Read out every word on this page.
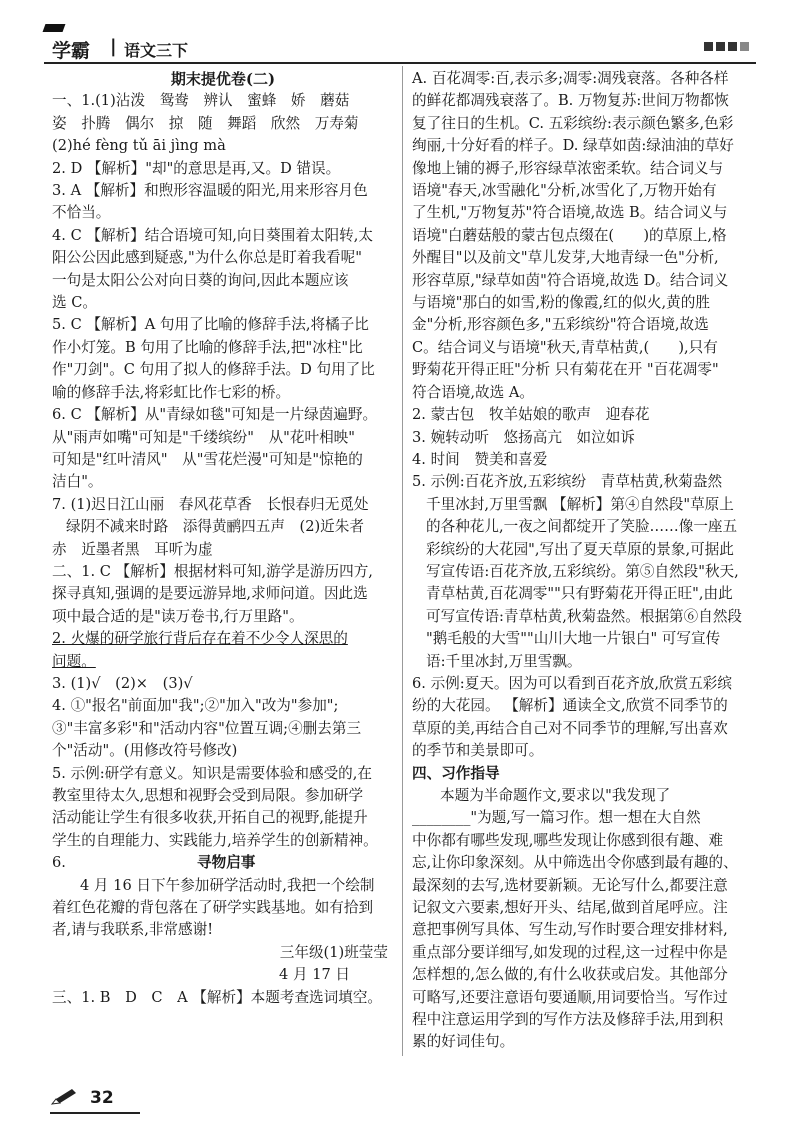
学霸 | 语文三下

期末提优卷(二)

一、1.(1)沾泼　鸳鸯　辨认　蜜蜂　娇　蘑菇

姿　扑腾　偶尔　掠　随　舞蹈　欣然　万寿菊

(2)hé fèng tǔ āi jìng mà

2. D 【解析】"却"的意思是再,又。D 错误。

3. A 【解析】和煦形容温暖的阳光,用来形容月色

不恰当。

4. C 【解析】结合语境可知,向日葵围着太阳转,太

阳公公因此感到疑惑,"为什么你总是盯着我看呢"

一句是太阳公公对向日葵的询问,因此本题应该

选 C。

5. C 【解析】A 句用了比喻的修辞手法,将橘子比

作小灯笼。B 句用了比喻的修辞手法,把"冰柱"比

作"刀剑"。C 句用了拟人的修辞手法。D 句用了比

喻的修辞手法,将彩虹比作七彩的桥。

6. C 【解析】从"青绿如毯"可知是一片绿茵遍野。

从"雨声如嘴"可知是"千缕缤纷"　从"花叶相映"

可知是"红叶清风"　从"雪花烂漫"可知是"惊艳的

洁白"。

7. (1)迟日江山丽　春风花草香　长恨春归无觅处

绿阴不减来时路　添得黄鹂四五声　(2)近朱者

赤　近墨者黑　耳听为虚

二、1. C 【解析】根据材料可知,游学是游历四方,

探寻真知,强调的是要远游异地,求师问道。因此选

项中最合适的是"读万卷书,行万里路"。

2. 火爆的研学旅行背后存在着不少令人深思的

问题。

3. (1)√　(2)×　(3)√

4. ①"报名"前面加"我";②"加入"改为"参加";

③"丰富多彩"和"活动内容"位置互调;④删去第三

个"活动"。(用修改符号修改)

5. 示例:研学有意义。知识是需要体验和感受的,在

教室里待太久,思想和视野会受到局限。参加研学

活动能让学生有很多收获,开拓自己的视野,能提升

学生的自理能力、实践能力,培养学生的创新精神。

6.	寻物启事

4 月 16 日下午参加研学活动时,我把一个绘制

着红色花瓣的背包落在了研学实践基地。如有拾到

者,请与我联系,非常感谢!

三年级(1)班莹莹

4 月 17 日

三、1. B　D　C　A 【解析】本题考查选词填空。

A. 百花凋零:百,表示多;凋零:凋残衰落。各种各样

的鲜花都凋残衰落了。B. 万物复苏:世间万物都恢

复了往日的生机。C. 五彩缤纷:表示颜色繁多,色彩

绚丽,十分好看的样子。D. 绿草如茵:绿油油的草好

像地上铺的褥子,形容绿草浓密柔软。结合词义与

语境"春天,冰雪融化"分析,冰雪化了,万物开始有

了生机,"万物复苏"符合语境,故选 B。结合词义与

语境"白蘑菇般的蒙古包点缀在(　　)的草原上,格

外醒目"以及前文"草儿发芽,大地青绿一色"分析,

形容草原,"绿草如茵"符合语境,故选 D。结合词义

与语境"那白的如雪,粉的像霞,红的似火,黄的胜

金"分析,形容颜色多,"五彩缤纷"符合语境,故选

C。结合词义与语境"秋天,青草枯黄,(　　),只有

野菊花开得正旺"分析 只有菊花在开 "百花凋零"

符合语境,故选 A。

2. 蒙古包　牧羊姑娘的歌声　迎春花

3. 婉转动听　悠扬高亢　如泣如诉

4. 时间　赞美和喜爱

5. 示例:百花齐放,五彩缤纷　青草枯黄,秋菊盎然

千里冰封,万里雪飘 【解析】第④自然段"草原上

的各种花儿,一夜之间都绽开了笑脸……像一座五

彩缤纷的大花园",写出了夏天草原的景象,可据此

写宣传语:百花齐放,五彩缤纷。第⑤自然段"秋天,

青草枯黄,百花凋零""只有野菊花开得正旺",由此

可写宣传语:青草枯黄,秋菊盎然。根据第⑥自然段

"鹅毛般的大雪""山川大地一片银白" 可写宣传

语:千里冰封,万里雪飘。

6. 示例:夏天。因为可以看到百花齐放,欣赏五彩缤

纷的大花园。 【解析】通读全文,欣赏不同季节的

草原的美,再结合自己对不同季节的理解,写出喜欢

的季节和美景即可。

四、习作指导

本题为半命题作文,要求以"我发现了

________"为题,写一篇习作。想一想在大自然

中你都有哪些发现,哪些发现让你感到很有趣、难

忘,让你印象深刻。从中筛选出令你感到最有趣的、

最深刻的去写,选材要新颖。无论写什么,都要注意

记叙文六要素,想好开头、结尾,做到首尾呼应。注

意把事例写具体、写生动,写作时要合理安排材料,

重点部分要详细写,如发现的过程,这一过程中你是

怎样想的,怎么做的,有什么收获或启发。其他部分

可略写,还要注意语句要通顺,用词要恰当。写作过

程中注意运用学到的写作方法及修辞手法,用到积

累的好词佳句。

32
